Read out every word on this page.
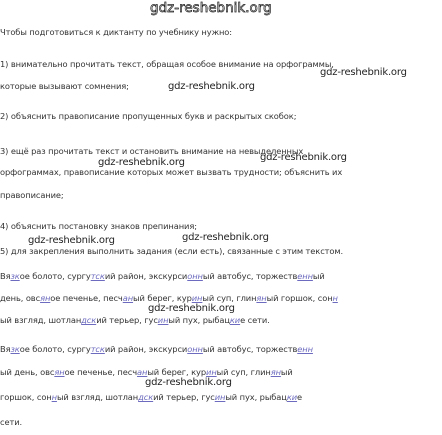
gdz-reshebnik.org
Чтобы подготовиться к диктанту по учебнику нужно:
1) внимательно прочитать текст, обращая особое внимание на орфограммы,
которые вызывают сомнения;	gdz-reshebnik.org
gdz-reshebnik.org
2) объяснить правописание пропущенных букв и раскрытых скобок;
3) ещё раз прочитать текст и остановить внимание на невыделенных
gdz-reshebnik.org
орфограммах, правописание которых может вызвать трудности; объяснить их
gdz-reshebnik.org
правописание;
4) объяснить постановку знаков препинания;
gdz-reshebnik.org
gdz-reshebnik.org
5) для закрепления выполнить задания (если есть), связанные с этим текстом.
Вязкое болото, сургутский район, экскурсионный автобус, торжественный
день, овсяное печенье, песчаный берег, куриный суп, глиняный горшок, сонн
gdz-reshebnik.org
ый взгляд, шотландский терьер, гусиный пух, рыбацкие сети.
Вязкое болото, сургутский район, экскурсионный автобус, торжественн
ый день, овсяное печенье, песчаный берег, куриный суп, глиняный
gdz-reshebnik.org
горшок, сонный взгляд, шотландский терьер, гусиный пух, рыбацкие
сети.
